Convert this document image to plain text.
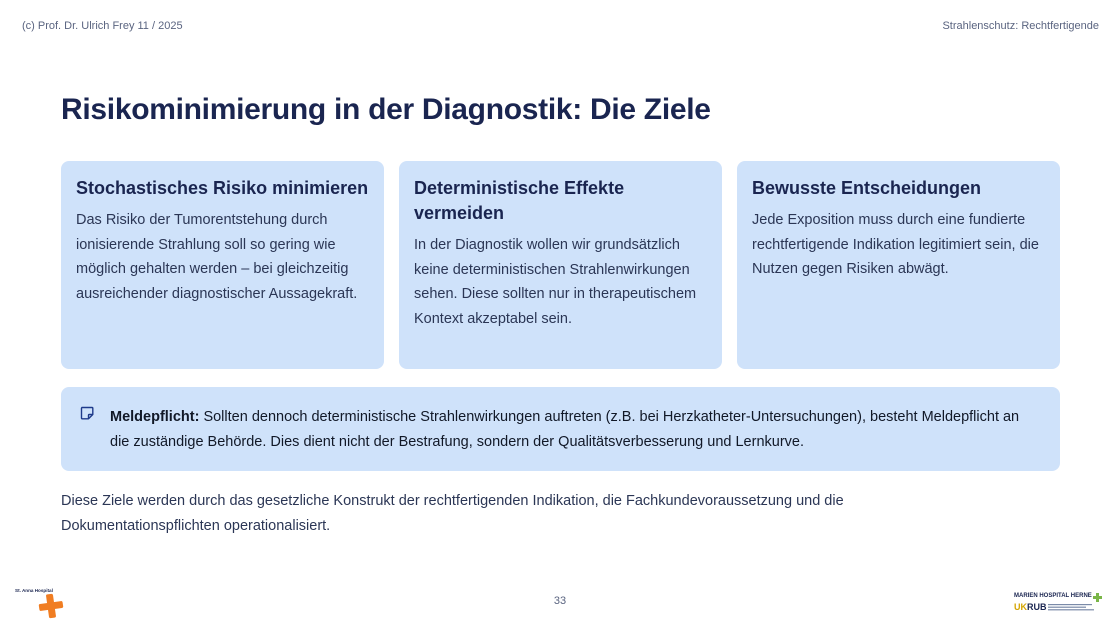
(c) Prof. Dr. Ulrich Frey 11 / 2025	Strahlenschutz: Rechtfertigende
Risikominimierung in der Diagnostik: Die Ziele
Stochastisches Risiko minimieren

Das Risiko der Tumorentstehung durch ionisierende Strahlung soll so gering wie möglich gehalten werden – bei gleichzeitig ausreichender diagnostischer Aussagekraft.

Deterministische Effekte vermeiden

In der Diagnostik wollen wir grundsätzlich keine deterministischen Strahlenwirkungen sehen. Diese sollten nur in therapeutischem Kontext akzeptabel sein.

Bewusste Entscheidungen

Jede Exposition muss durch eine fundierte rechtfertigende Indikation legitimiert sein, die Nutzen gegen Risiken abwägt.

Meldepflicht: Sollten dennoch deterministische Strahlenwirkungen auftreten (z.B. bei Herzkatheter-Untersuchungen), besteht Meldepflicht an die zuständige Behörde. Dies dient nicht der Bestrafung, sondern der Qualitätsverbesserung und Lernkurve.

Diese Ziele werden durch das gesetzliche Konstrukt der rechtfertigenden Indikation, die Fachkundevoraussetzung und die Dokumentationspflichten operationalisiert.

33
St. Anna Hospital
MARIEN HOSPITAL HERNE
UKRUB
